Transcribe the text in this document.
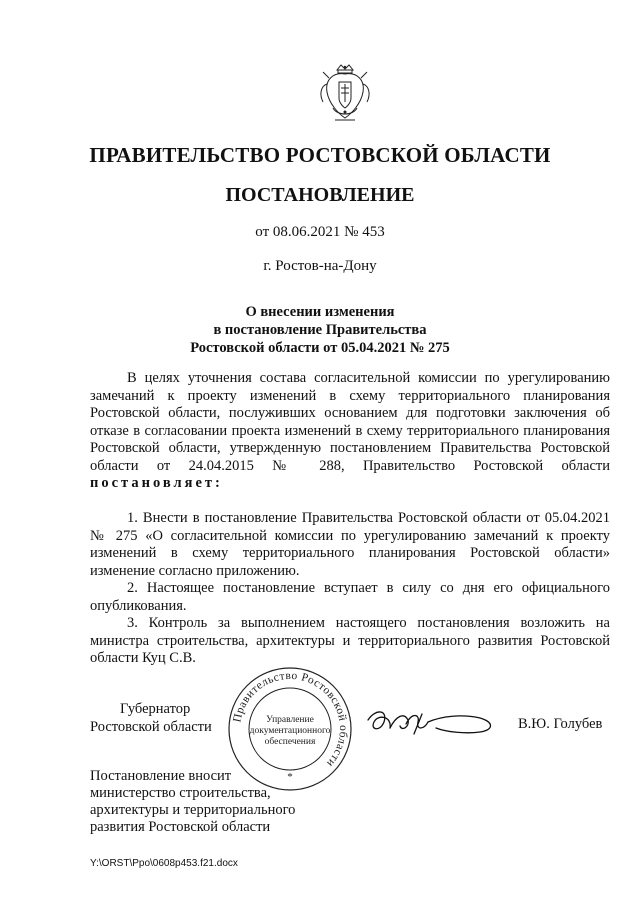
ПРАВИТЕЛЬСТВО РОСТОВСКОЙ ОБЛАСТИ
ПОСТАНОВЛЕНИЕ
от 08.06.2021 № 453
г. Ростов-на-Дону
О внесении изменения
в постановление Правительства
Ростовской области от 05.04.2021 № 275

В целях уточнения состава согласительной комиссии по урегулированию замечаний к проекту изменений в схему территориального планирования Ростовской области, послуживших основанием для подготовки заключения об отказе в согласовании проекта изменений в схему территориального планирования Ростовской области, утвержденную постановлением Правительства Ростовской области от 24.04.2015 № 288, Правительство Ростовской области постановляет:

1. Внести в постановление Правительства Ростовской области от 05.04.2021 № 275 «О согласительной комиссии по урегулированию замечаний к проекту изменений в схему территориального планирования Ростовской области» изменение согласно приложению.

2. Настоящее постановление вступает в силу со дня его официального опубликования.

3. Контроль за выполнением настоящего постановления возложить на министра строительства, архитектуры и территориального развития Ростовской области Куц С.В.

Губернатор
Ростовской области
Правительство Ростовской области
Управление
документационного
обеспечения
*
В.Ю. Голубев
Постановление вносит
министерство строительства,
архитектуры и территориального
развития Ростовской области
Y:\ORST\Ppo\0608p453.f21.docx
